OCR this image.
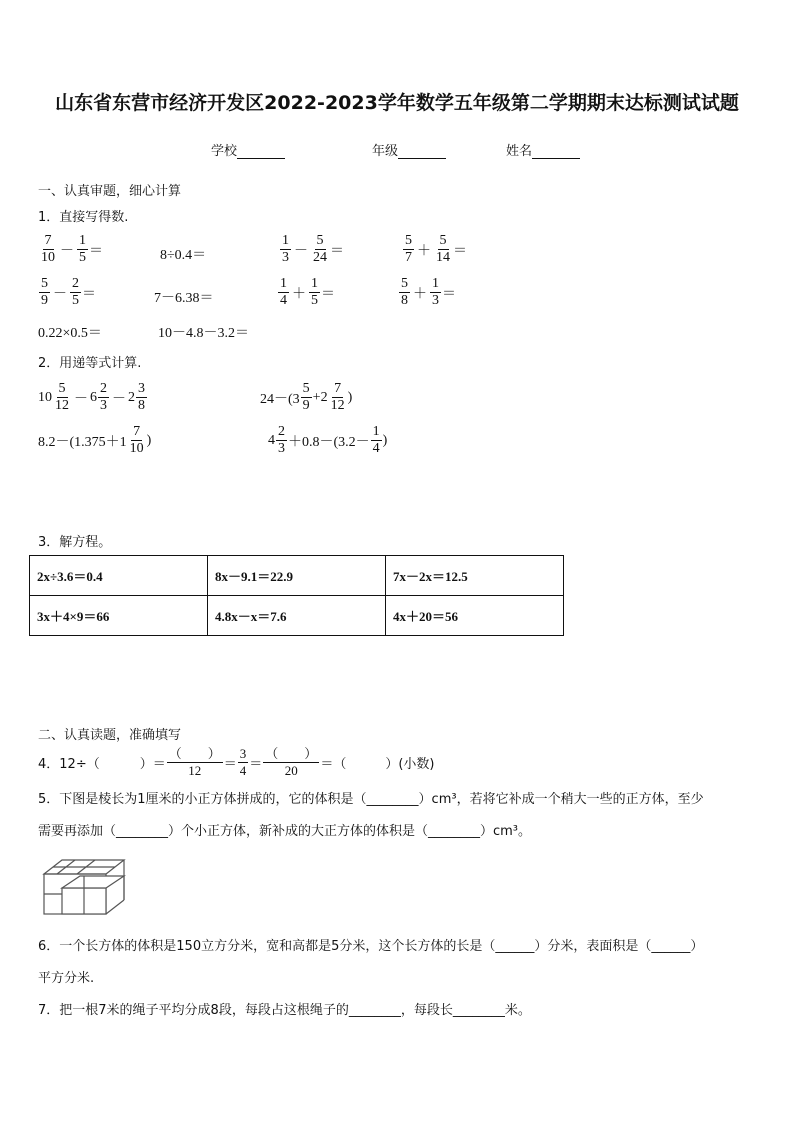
山东省东营市经济开发区2022-2023学年数学五年级第二学期期末达标测试试题
学校	年级	姓名
一、认真审题，细心计算
1．直接写得数.
$\frac{7}{10} - \frac{1}{5}$ ＝	8÷0.4＝	$\frac{1}{3} - \frac{5}{24}$ ＝	$\frac{5}{7} + \frac{5}{14}$ ＝
$\frac{5}{9} - \frac{2}{5}$ ＝	7－6.38＝	$\frac{1}{4} + \frac{1}{5}$ ＝	$\frac{5}{8} + \frac{1}{3}$ ＝
0.22×0.5＝	10－4.8－3.2＝
2．用递等式计算.
$10 \frac{5}{12} - 6 \frac{2}{3} - 2 \frac{3}{8}$	$24-(3 \frac{5}{9} +2 \frac{7}{12}$ )
$8.2-(1.375+1 \frac{7}{10}$ )	$4 \frac{2}{3} +0.8-(3.2- \frac{1}{4}$ )
3．解方程。
2x÷3.6＝0.4	8x－9.1＝22.9	7x－2x＝12.5
3x＋4×9＝66	4.8x－x＝7.6	4x＋20＝56
二、认真读题，准确填写
4．12÷（	） ＝ $\frac{( )}{12} = \frac{3}{4} = \frac{( )}{20}$ ＝ （　　　）(小数)
5．下图是棱长为1厘米的小正方体拼成的，它的体积是（________）cm³，若将它补成一个稍大一些的正方体，至少
需要再添加（________）个小正方体，新补成的大正方体的体积是（________）cm³。
6．一个长方体的体积是150立方分米，宽和高都是5分米，这个长方体的长是（______）分米，表面积是（______）
平方分米.
7．把一根7米的绳子平均分成8段，每段占这根绳子的________，每段长________米。
